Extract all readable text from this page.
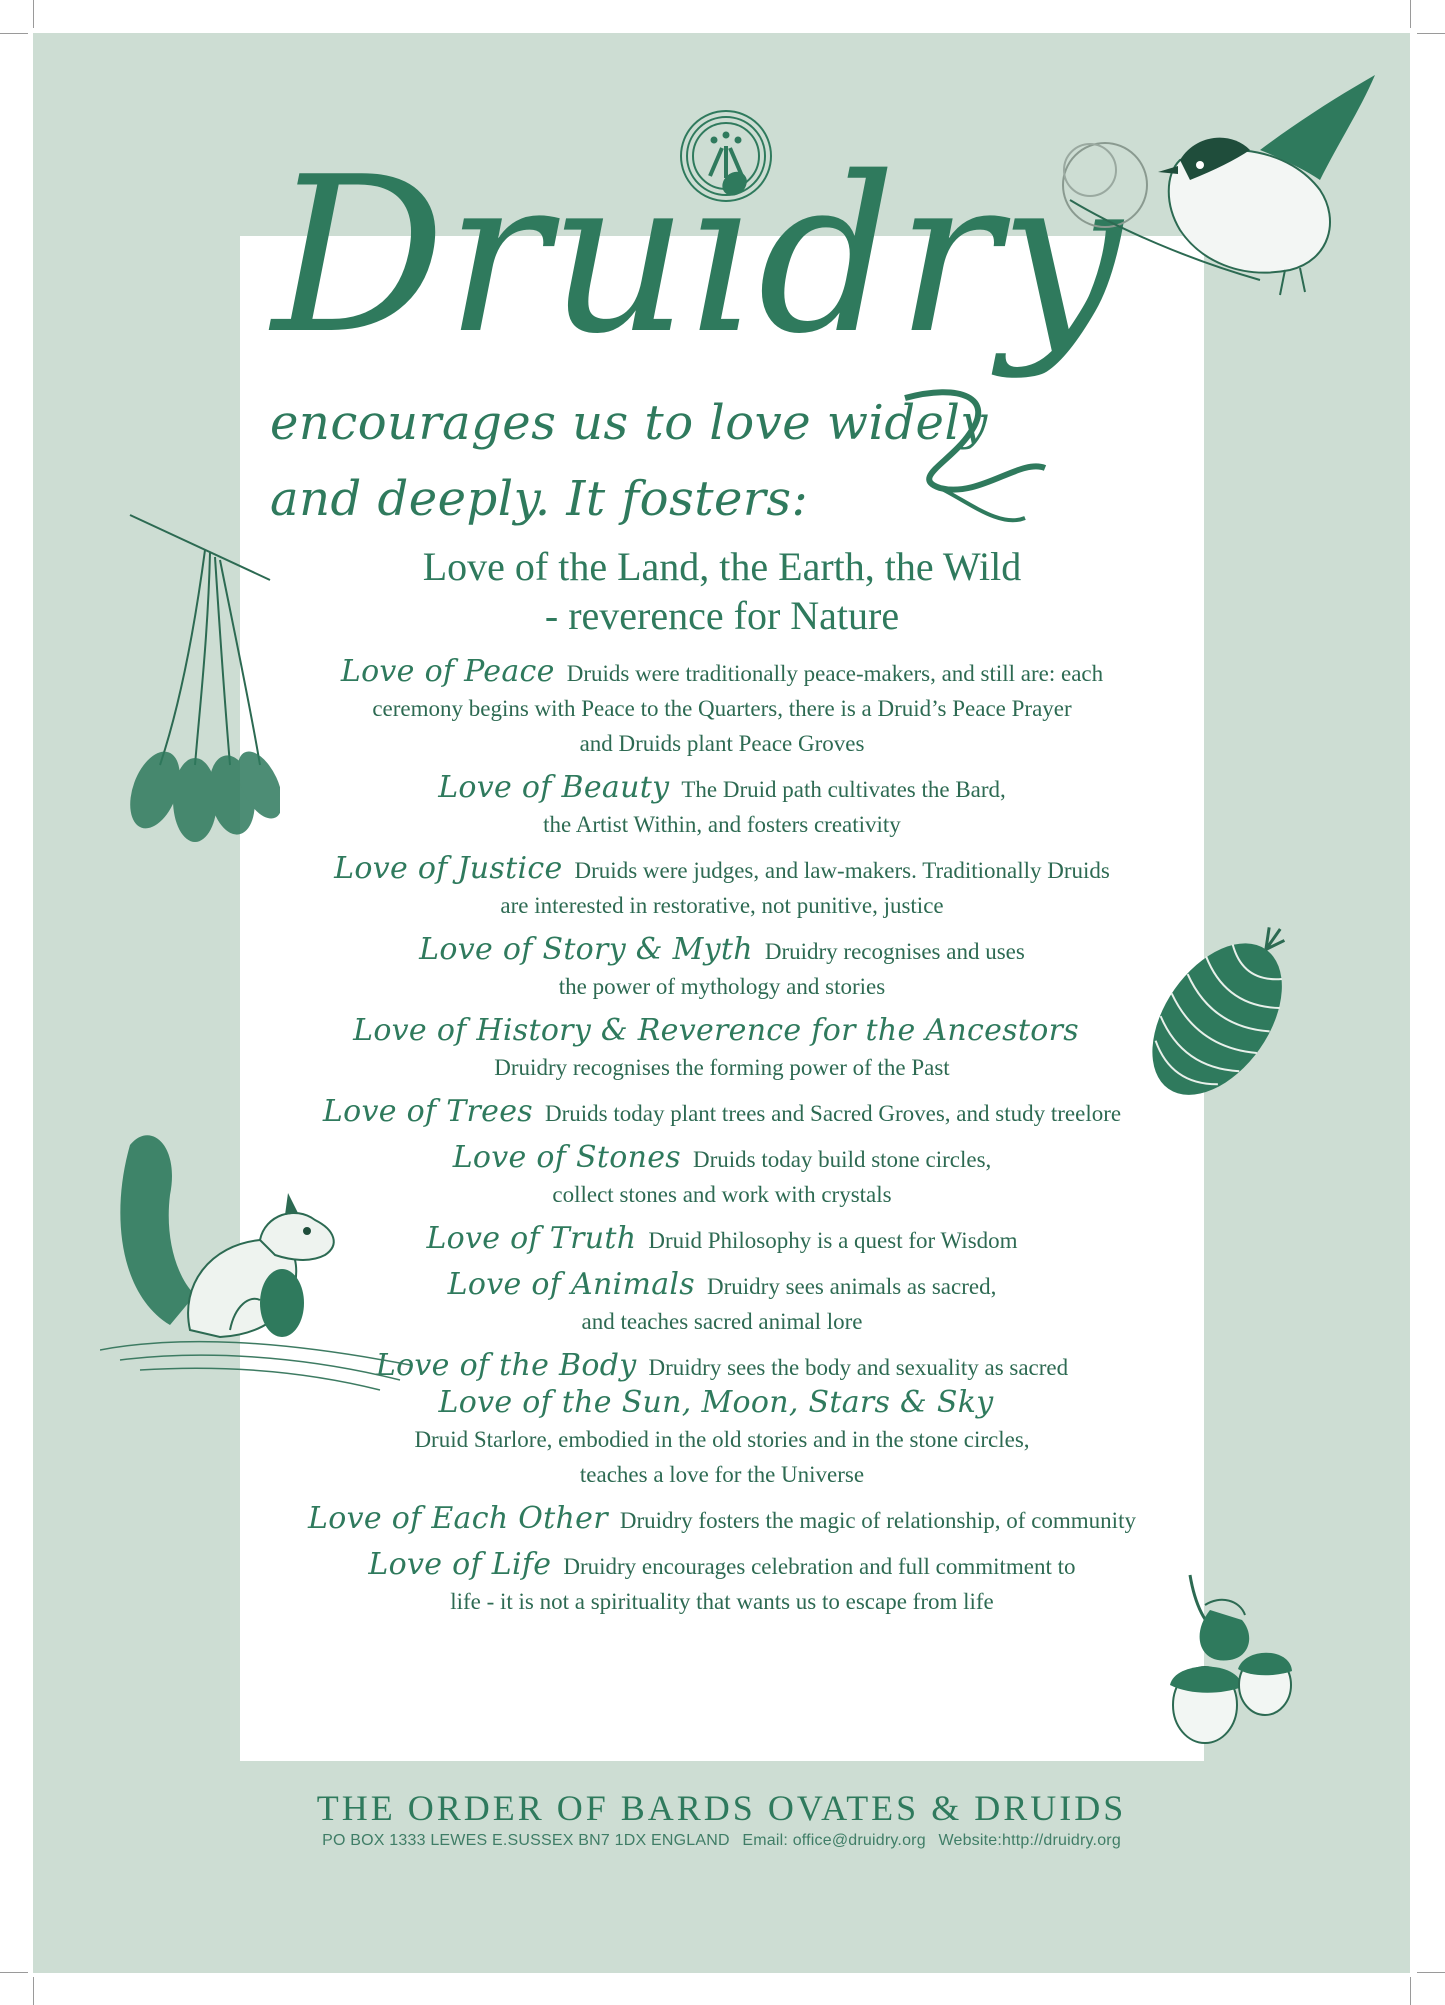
Druidry
encourages us to love widely
and deeply. It fosters:
Love of the Land, the Earth, the Wild
- reverence for Nature
Love of Peace Druids were traditionally peace-makers, and still are: each
ceremony begins with Peace to the Quarters, there is a Druid’s Peace Prayer
and Druids plant Peace Groves
Love of Beauty The Druid path cultivates the Bard,
the Artist Within, and fosters creativity
Love of Justice Druids were judges, and law-makers. Traditionally Druids
are interested in restorative, not punitive, justice
Love of Story & Myth Druidry recognises and uses
the power of mythology and stories
Love of History & Reverence for the Ancestors
Druidry recognises the forming power of the Past
Love of Trees Druids today plant trees and Sacred Groves, and study treelore
Love of Stones Druids today build stone circles,
collect stones and work with crystals
Love of Truth Druid Philosophy is a quest for Wisdom
Love of Animals Druidry sees animals as sacred,
and teaches sacred animal lore
Love of the Body Druidry sees the body and sexuality as sacred
Love of the Sun, Moon, Stars & Sky
Druid Starlore, embodied in the old stories and in the stone circles,
teaches a love for the Universe
Love of Each Other Druidry fosters the magic of relationship, of community
Love of Life Druidry encourages celebration and full commitment to
life - it is not a spirituality that wants us to escape from life
THE ORDER OF BARDS OVATES & DRUIDS
PO BOX 1333 LEWES E.SUSSEX BN7 1DX ENGLAND Email: office@druidry.org Website:http://druidry.org
